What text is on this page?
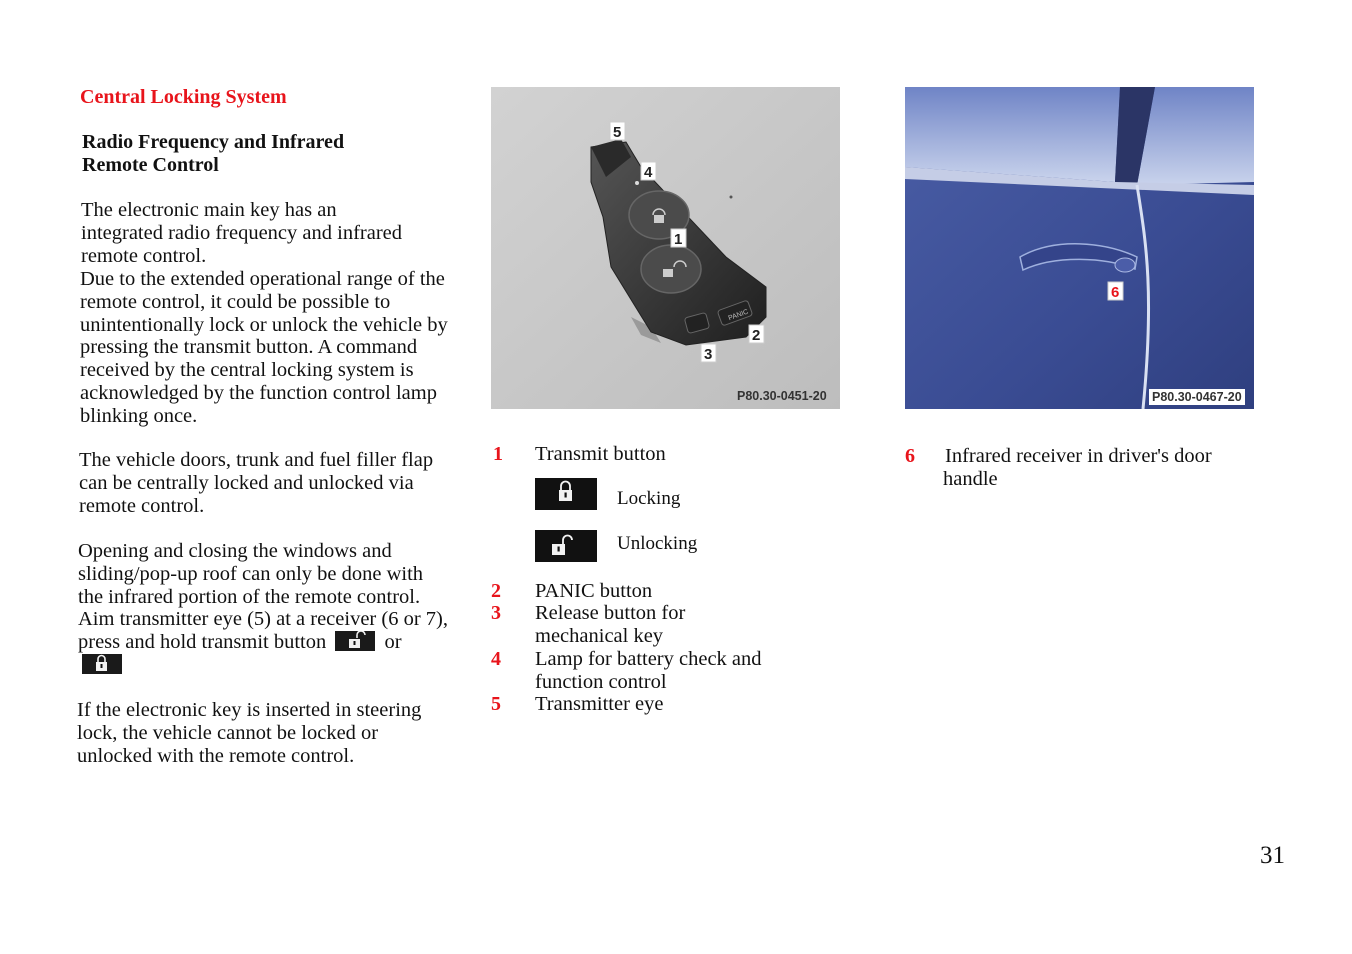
Central Locking System
Radio Frequency and Infrared Remote Control
The electronic main key has an integrated radio frequency and infrared remote control.
Due to the extended operational range of the remote control, it could be possible to unintentionally lock or unlock the vehicle by pressing the transmit button. A command received by the central locking system is acknowledged by the function control lamp blinking once.
The vehicle doors, trunk and fuel filler flap can be centrally locked and unlocked via remote control.
Opening and closing the windows and sliding/pop-up roof can only be done with the infrared portion of the remote control. Aim transmitter eye (5) at a receiver (6 or 7), press and hold transmit button	or
If the electronic key is inserted in steering lock, the vehicle cannot be locked or unlocked with the remote control.
PANIC
5
4
1
2
3
P80.30-0451-20
6
P80.30-0467-20
1 Transmit button
Locking
Unlocking
2 PANIC button
3 Release button for mechanical key
4 Lamp for battery check and function control
5 Transmitter eye
6 Infrared receiver in driver's door handle
31
